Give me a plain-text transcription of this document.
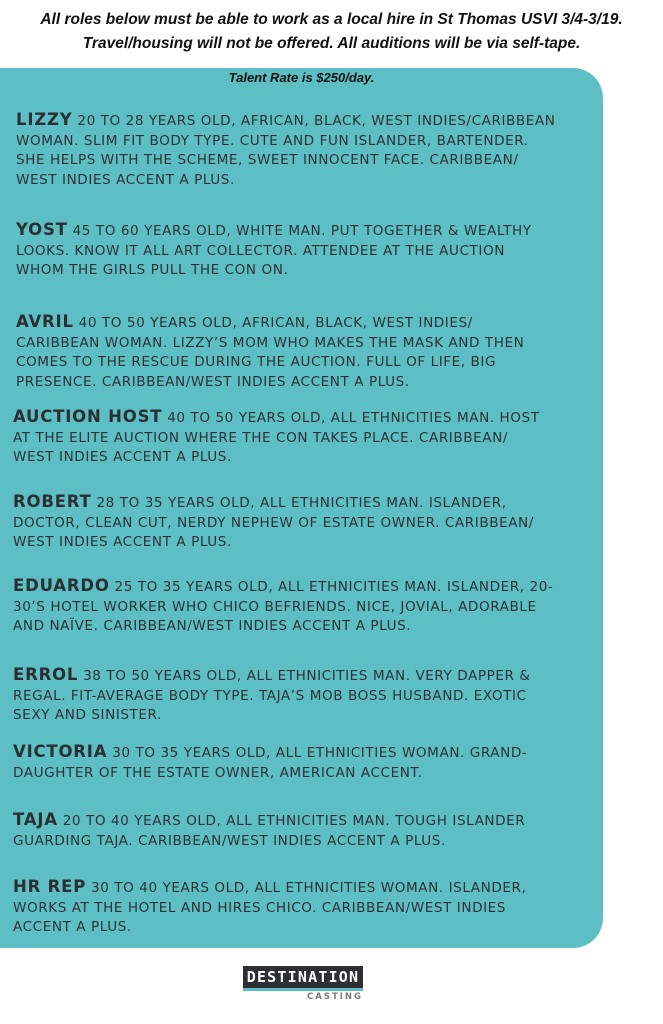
All roles below must be able to work as a local hire in St Thomas USVI 3/4-3/19.
Travel/housing will not be offered. All auditions will be via self-tape.
Talent Rate is $250/day.
LIZZY 20 TO 28 YEARS OLD, AFRICAN, BLACK, WEST INDIES/CARIBBEAN
WOMAN. SLIM FIT BODY TYPE. CUTE AND FUN ISLANDER, BARTENDER.
SHE HELPS WITH THE SCHEME, SWEET INNOCENT FACE. CARIBBEAN/
WEST INDIES ACCENT A PLUS.
YOST 45 TO 60 YEARS OLD, WHITE MAN. PUT TOGETHER & WEALTHY
LOOKS. KNOW IT ALL ART COLLECTOR. ATTENDEE AT THE AUCTION
WHOM THE GIRLS PULL THE CON ON.
AVRIL 40 TO 50 YEARS OLD, AFRICAN, BLACK, WEST INDIES/
CARIBBEAN WOMAN. LIZZY’S MOM WHO MAKES THE MASK AND THEN
COMES TO THE RESCUE DURING THE AUCTION. FULL OF LIFE, BIG
PRESENCE. CARIBBEAN/WEST INDIES ACCENT A PLUS.
AUCTION HOST 40 TO 50 YEARS OLD, ALL ETHNICITIES MAN. HOST
AT THE ELITE AUCTION WHERE THE CON TAKES PLACE. CARIBBEAN/
WEST INDIES ACCENT A PLUS.
ROBERT 28 TO 35 YEARS OLD, ALL ETHNICITIES MAN. ISLANDER,
DOCTOR, CLEAN CUT, NERDY NEPHEW OF ESTATE OWNER. CARIBBEAN/
WEST INDIES ACCENT A PLUS.
EDUARDO 25 TO 35 YEARS OLD, ALL ETHNICITIES MAN. ISLANDER, 20-
30’S HOTEL WORKER WHO CHICO BEFRIENDS. NICE, JOVIAL, ADORABLE
AND NAÏVE. CARIBBEAN/WEST INDIES ACCENT A PLUS.
ERROL 38 TO 50 YEARS OLD, ALL ETHNICITIES MAN. VERY DAPPER &
REGAL. FIT-AVERAGE BODY TYPE. TAJA’S MOB BOSS HUSBAND. EXOTIC
SEXY AND SINISTER.
VICTORIA 30 TO 35 YEARS OLD, ALL ETHNICITIES WOMAN. GRAND-
DAUGHTER OF THE ESTATE OWNER, AMERICAN ACCENT.
TAJA 20 TO 40 YEARS OLD, ALL ETHNICITIES MAN. TOUGH ISLANDER
GUARDING TAJA. CARIBBEAN/WEST INDIES ACCENT A PLUS.
HR REP 30 TO 40 YEARS OLD, ALL ETHNICITIES WOMAN. ISLANDER,
WORKS AT THE HOTEL AND HIRES CHICO. CARIBBEAN/WEST INDIES
ACCENT A PLUS.
DESTINATION
CASTING
